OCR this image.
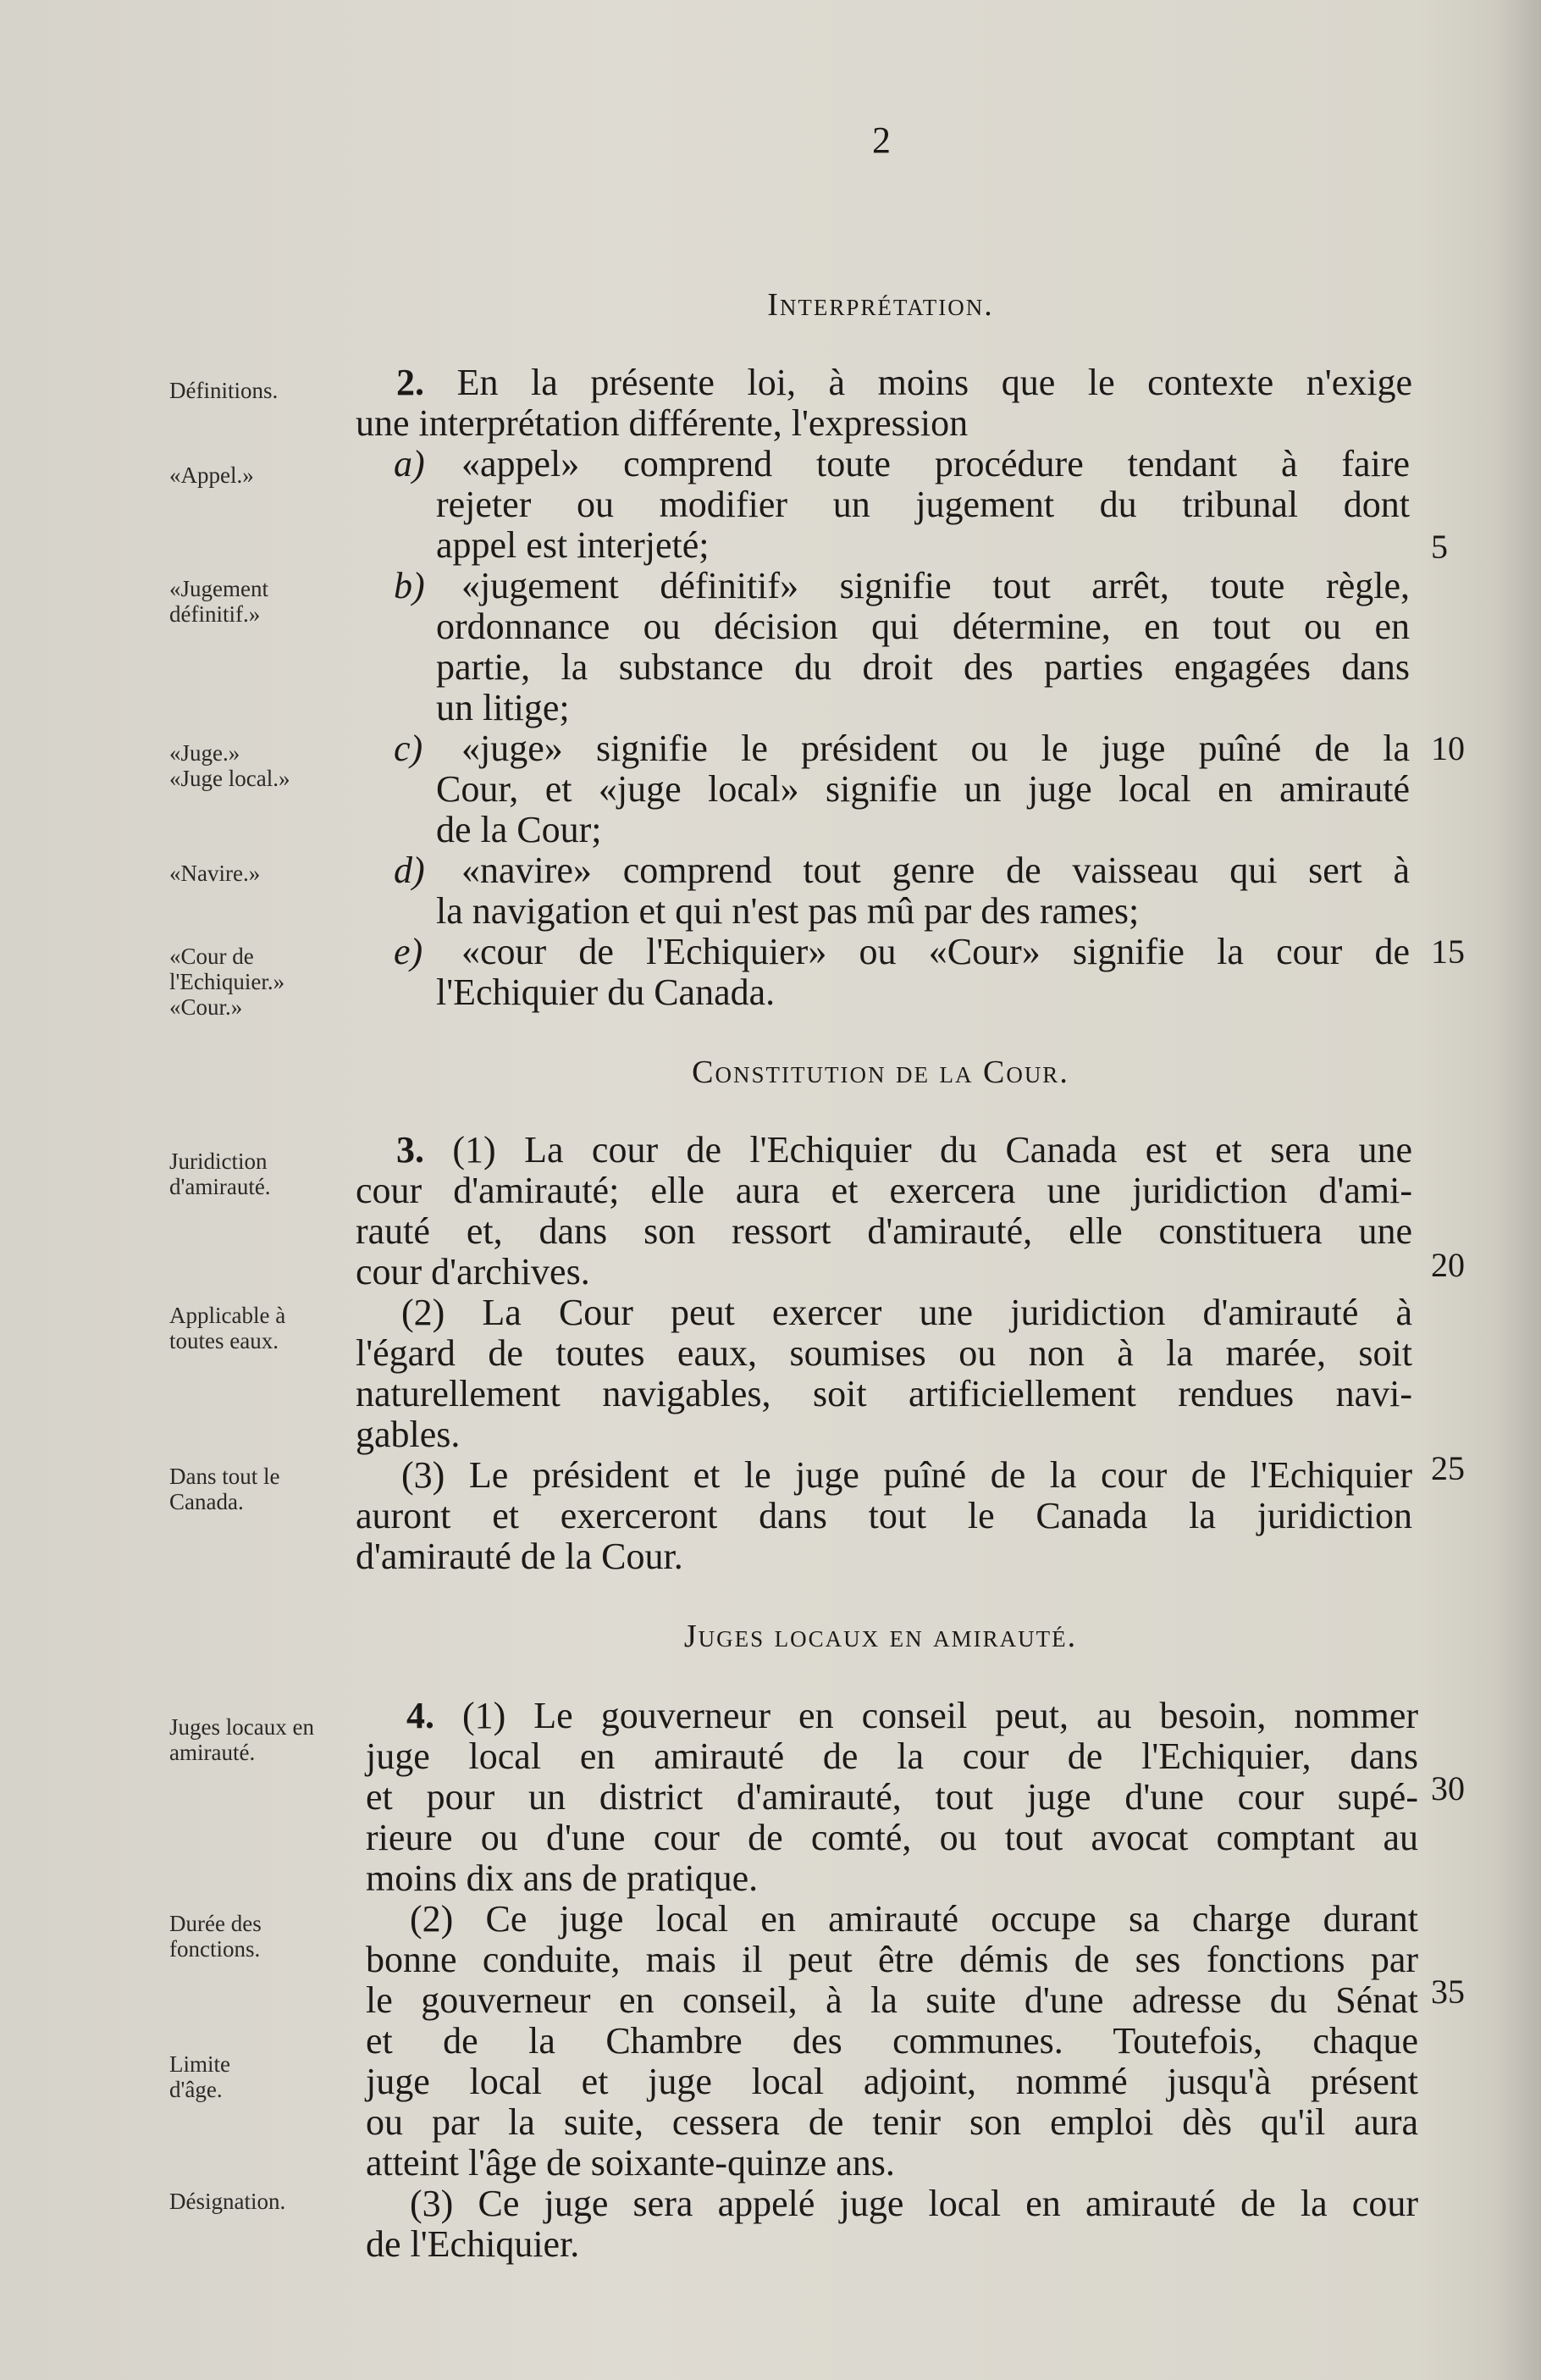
2
Interprétation.
Définitions.
«Appel.»
«Jugement définitif.»
«Juge.»
«Juge local.»
«Navire.»
«Cour de l'Echiquier.»
«Cour.»
Juridiction d'amirauté.
Applicable à toutes eaux.
Dans tout le Canada.
Juges locaux en amirauté.
Durée des fonctions.
Limite d'âge.
Désignation.
2. En la présente loi, à moins que le contexte n'exige
une interprétation différente, l'expression
a) «appel» comprend toute procédure tendant à faire
rejeter ou modifier un jugement du tribunal dont
appel est interjeté;
b) «jugement définitif» signifie tout arrêt, toute règle,
ordonnance ou décision qui détermine, en tout ou en
partie, la substance du droit des parties engagées dans
un litige;
c) «juge» signifie le président ou le juge puîné de la
Cour, et «juge local» signifie un juge local en amirauté
de la Cour;
d) «navire» comprend tout genre de vaisseau qui sert à
la navigation et qui n'est pas mû par des rames;
e) «cour de l'Echiquier» ou «Cour» signifie la cour de
l'Echiquier du Canada.
Constitution de la Cour.
3. (1) La cour de l'Echiquier du Canada est et sera une
cour d'amirauté; elle aura et exercera une juridiction d'ami-
rauté et, dans son ressort d'amirauté, elle constituera une
cour d'archives.
(2) La Cour peut exercer une juridiction d'amirauté à
l'égard de toutes eaux, soumises ou non à la marée, soit
naturellement navigables, soit artificiellement rendues navi-
gables.
(3) Le président et le juge puîné de la cour de l'Echiquier
auront et exerceront dans tout le Canada la juridiction
d'amirauté de la Cour.
Juges locaux en amirauté.
4. (1) Le gouverneur en conseil peut, au besoin, nommer
juge local en amirauté de la cour de l'Echiquier, dans
et pour un district d'amirauté, tout juge d'une cour supé-
rieure ou d'une cour de comté, ou tout avocat comptant au
moins dix ans de pratique.
(2) Ce juge local en amirauté occupe sa charge durant
bonne conduite, mais il peut être démis de ses fonctions par
le gouverneur en conseil, à la suite d'une adresse du Sénat
et de la Chambre des communes. Toutefois, chaque
juge local et juge local adjoint, nommé jusqu'à présent
ou par la suite, cessera de tenir son emploi dès qu'il aura
atteint l'âge de soixante-quinze ans.
(3) Ce juge sera appelé juge local en amirauté de la cour
de l'Echiquier.
5
10
15
20
25
30
35
